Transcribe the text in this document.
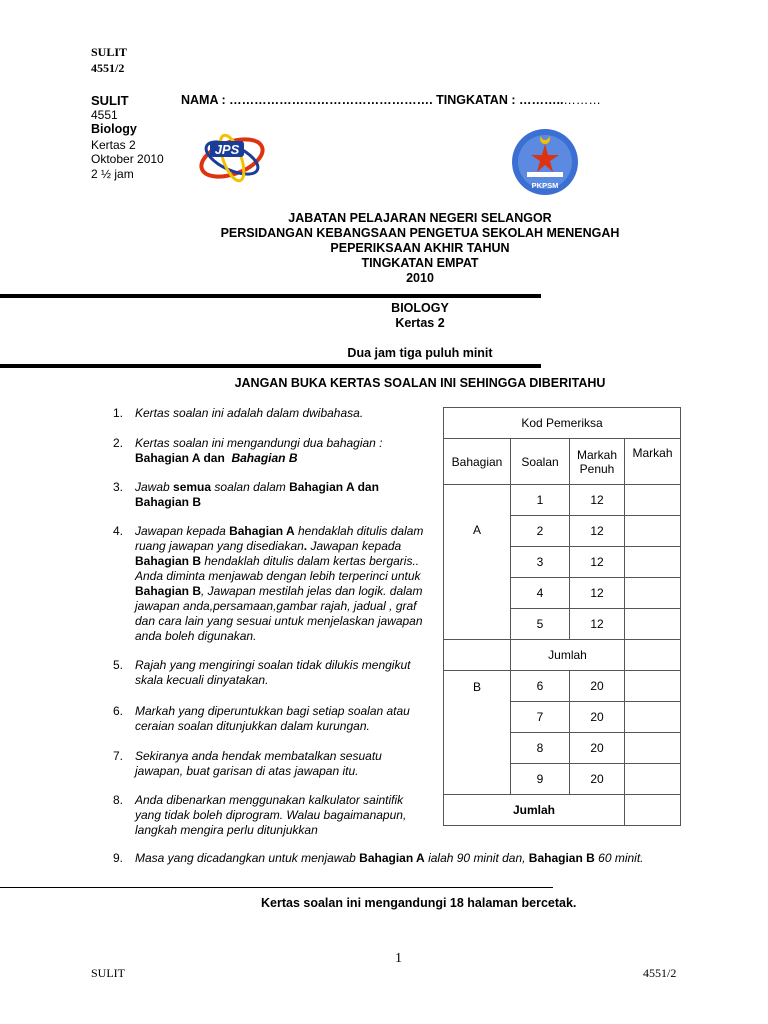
SULIT
4551/2
SULIT	NAMA : …………………………………………. TINGKATAN : ………..………
4551
Biology
Kertas 2
Oktober 2010
2 ½ jam
JPS
PKPSM
JABATAN PELAJARAN NEGERI SELANGOR
PERSIDANGAN KEBANGSAAN PENGETUA SEKOLAH MENENGAH
PEPERIKSAAN AKHIR TAHUN
TINGKATAN EMPAT
2010
BIOLOGY
Kertas 2
Dua jam tiga puluh minit
JANGAN BUKA KERTAS SOALAN INI SEHINGGA DIBERITAHU
1. Kertas soalan ini adalah dalam dwibahasa.
2. Kertas soalan ini mengandungi dua bahagian :
Bahagian A dan Bahagian B
3. Jawab semua soalan dalam Bahagian A dan Bahagian B
4. Jawapan kepada Bahagian A hendaklah ditulis dalam ruang jawapan yang disediakan. Jawapan kepada Bahagian B hendaklah ditulis dalam kertas bergaris.. Anda diminta menjawab dengan lebih terperinci untuk Bahagian B, Jawapan mestilah jelas dan logik. dalam jawapan anda,persamaan,gambar rajah, jadual , graf dan cara lain yang sesuai untuk menjelaskan jawapan anda boleh digunakan.
5. Rajah yang mengiringi soalan tidak dilukis mengikut skala kecuali dinyatakan.
6. Markah yang diperuntukkan bagi setiap soalan atau ceraian soalan ditunjukkan dalam kurungan.
7. Sekiranya anda hendak membatalkan sesuatu jawapan, buat garisan di atas jawapan itu.
8. Anda dibenarkan menggunakan kalkulator saintifik yang tidak boleh diprogram. Walau bagaimanapun, langkah mengira perlu ditunjukkan
9. Masa yang dicadangkan untuk menjawab Bahagian A ialah 90 minit dan, Bahagian B 60 minit.
Kod Pemeriksa			
Bahagian	Soalan	Markah Penuh	Markah
A	1	12	
	2	12	
	3	12	
	4	12	
	5	12	
	Jumlah		
B	6	20	
	7	20	
	8	20	
	9	20	
Jumlah			
Kertas soalan ini mengandungi 18 halaman bercetak.
1
SULIT	4551/2
